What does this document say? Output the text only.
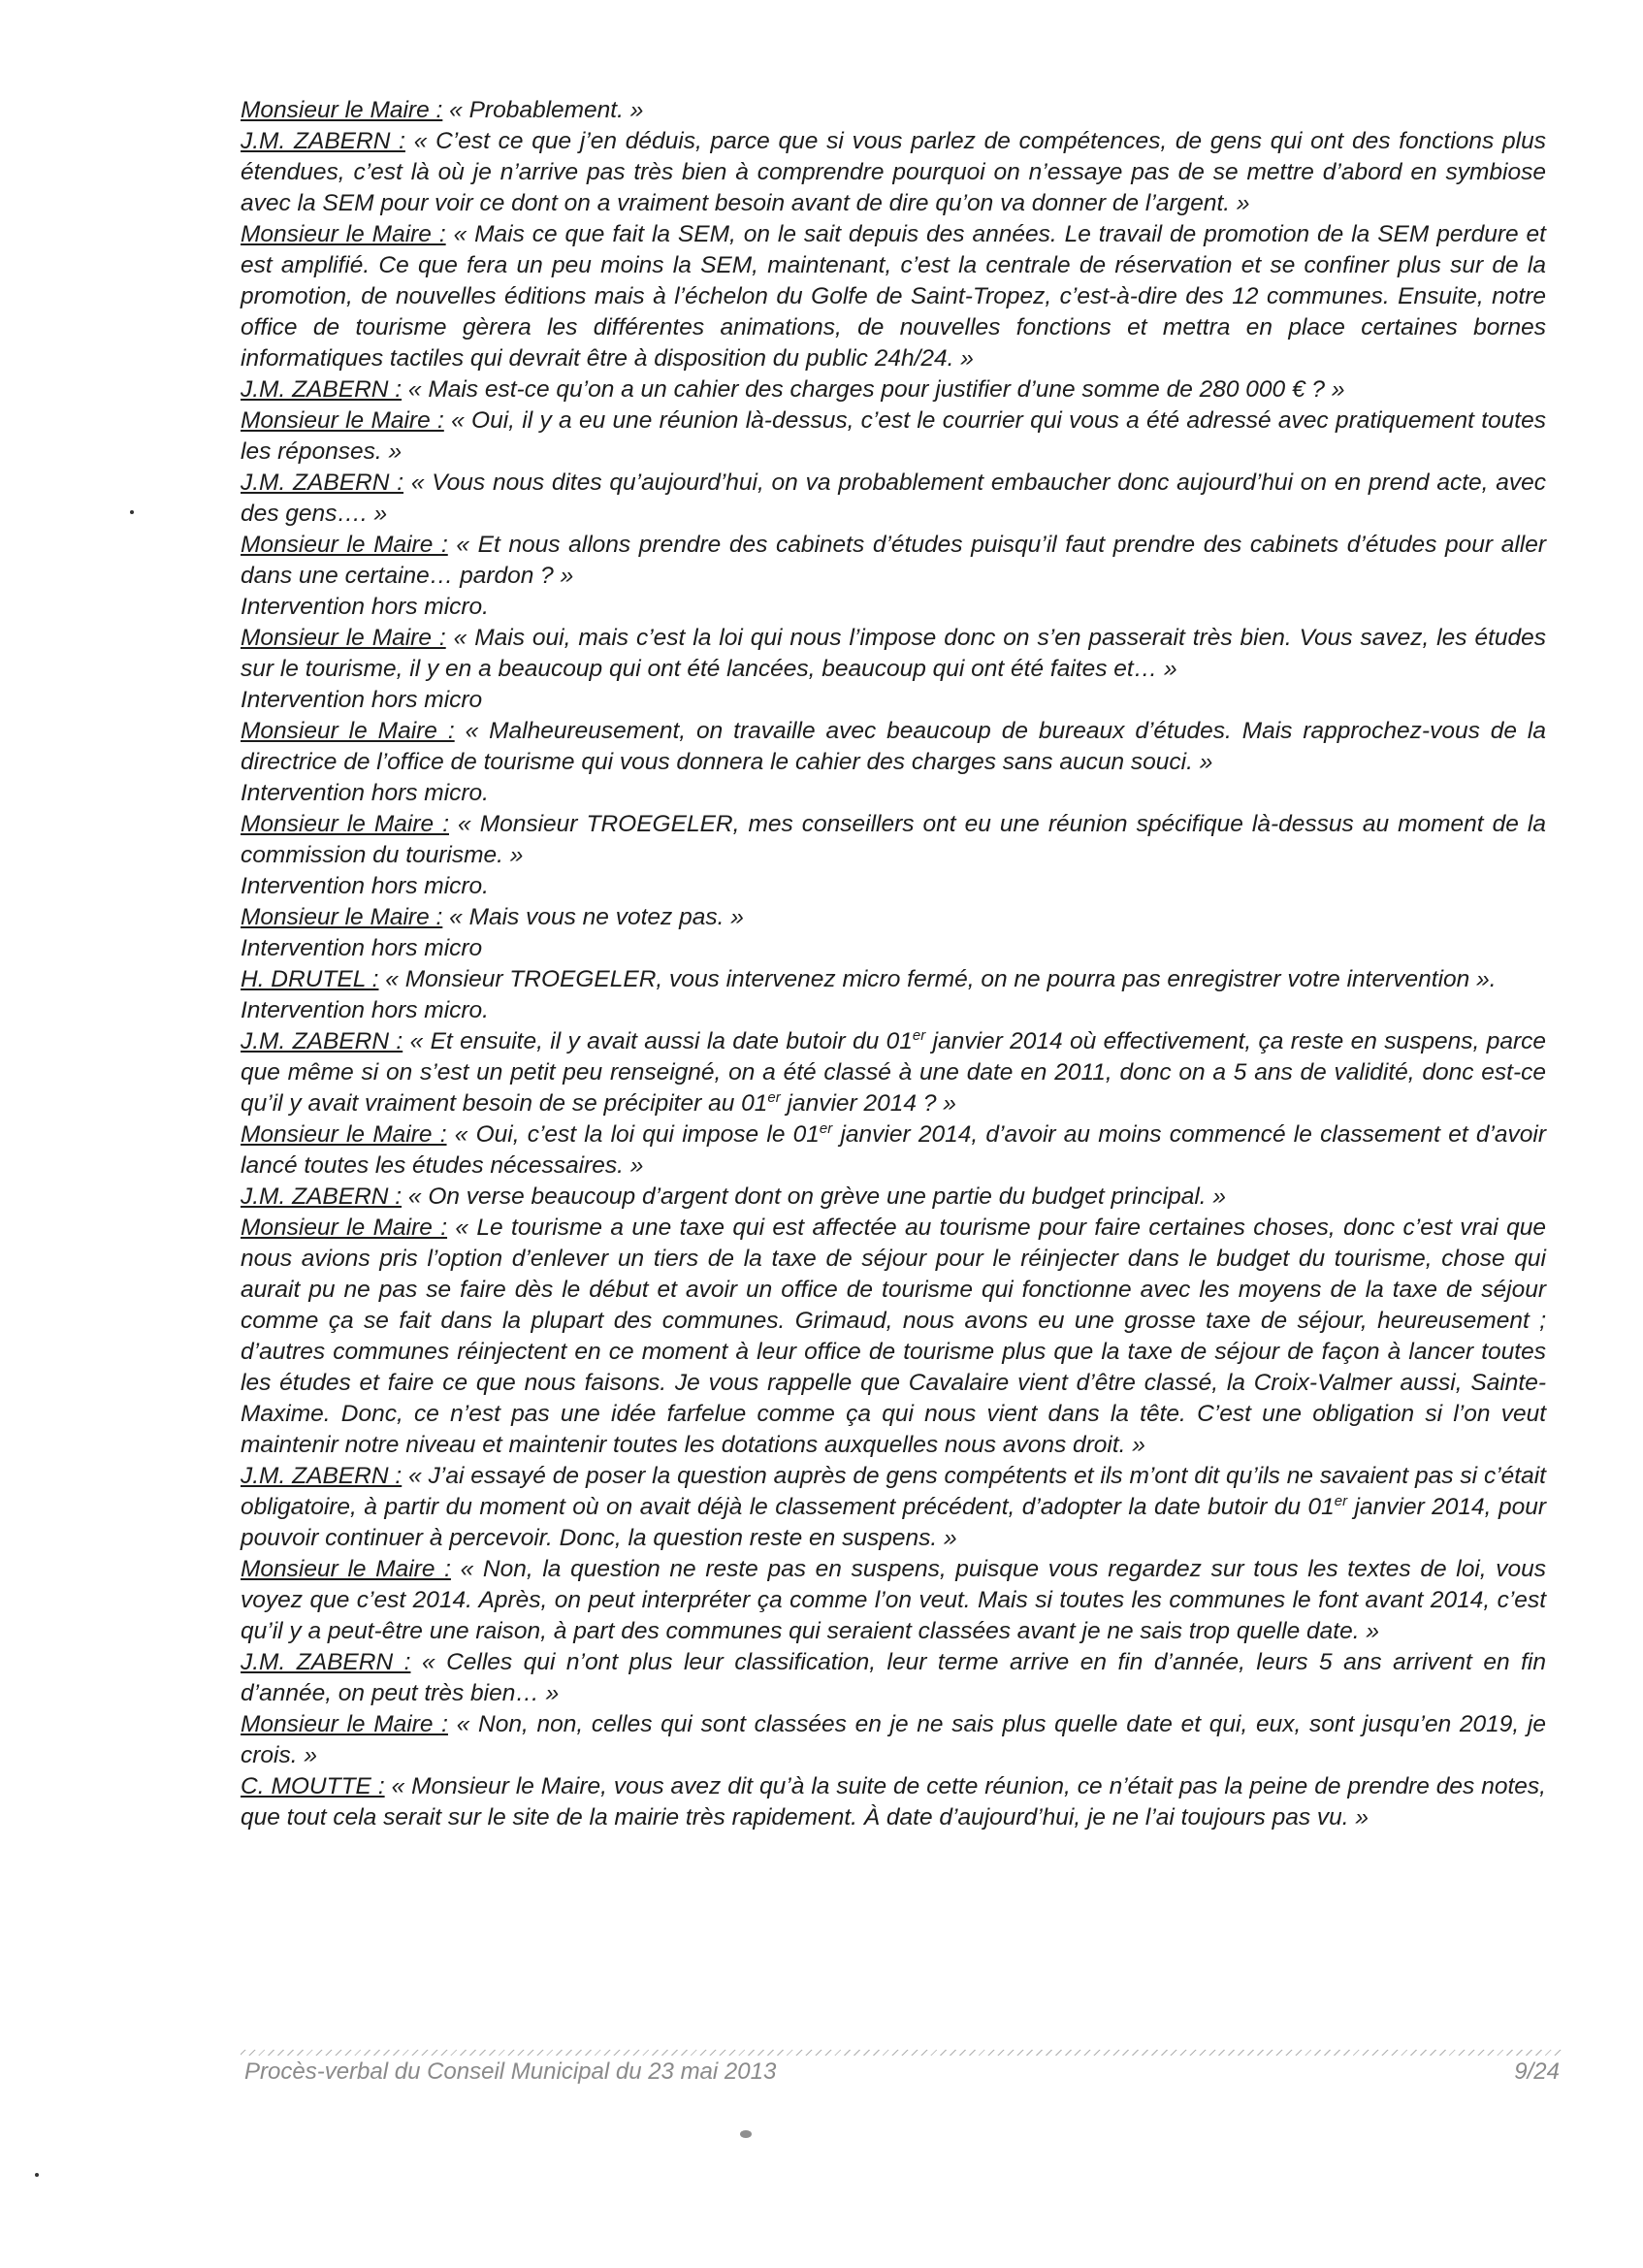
Monsieur le Maire : « Probablement. »

J.M. ZABERN : « C’est ce que j’en déduis, parce que si vous parlez de compétences, de gens qui ont des fonctions plus étendues, c’est là où je n’arrive pas très bien à comprendre pourquoi on n’essaye pas de se mettre d’abord en symbiose avec la SEM pour voir ce dont on a vraiment besoin avant de dire qu’on va donner de l’argent. »

Monsieur le Maire : « Mais ce que fait la SEM, on le sait depuis des années. Le travail de promotion de la SEM perdure et est amplifié. Ce que fera un peu moins la SEM, maintenant, c’est la centrale de réservation et se confiner plus sur de la promotion, de nouvelles éditions mais à l’échelon du Golfe de Saint-Tropez, c’est-à-dire des 12 communes. Ensuite, notre office de tourisme gèrera les différentes animations, de nouvelles fonctions et mettra en place certaines bornes informatiques tactiles qui devrait être à disposition du public 24h/24. »

J.M. ZABERN : « Mais est-ce qu’on a un cahier des charges pour justifier d’une somme de 280 000 € ? »

Monsieur le Maire : « Oui, il y a eu une réunion là-dessus, c’est le courrier qui vous a été adressé avec pratiquement toutes les réponses. »

J.M. ZABERN : « Vous nous dites qu’aujourd’hui, on va probablement embaucher donc aujourd’hui on en prend acte, avec des gens…. »

Monsieur le Maire : « Et nous allons prendre des cabinets d’études puisqu’il faut prendre des cabinets d’études pour aller dans une certaine… pardon ? »

Intervention hors micro.

Monsieur le Maire : « Mais oui, mais c’est la loi qui nous l’impose donc on s’en passerait très bien. Vous savez, les études sur le tourisme, il y en a beaucoup qui ont été lancées, beaucoup qui ont été faites et… »

Intervention hors micro

Monsieur le Maire : « Malheureusement, on travaille avec beaucoup de bureaux d’études. Mais rapprochez-vous de la directrice de l’office de tourisme qui vous donnera le cahier des charges sans aucun souci. »

Intervention hors micro.

Monsieur le Maire : « Monsieur TROEGELER, mes conseillers ont eu une réunion spécifique là-dessus au moment de la commission du tourisme. »

Intervention hors micro.

Monsieur le Maire : « Mais vous ne votez pas. »

Intervention hors micro

H. DRUTEL : « Monsieur TROEGELER, vous intervenez micro fermé, on ne pourra pas enregistrer votre intervention ».

Intervention hors micro.

J.M. ZABERN : « Et ensuite, il y avait aussi la date butoir du 01er janvier 2014 où effectivement, ça reste en suspens, parce que même si on s’est un petit peu renseigné, on a été classé à une date en 2011, donc on a 5 ans de validité, donc est-ce qu’il y avait vraiment besoin de se précipiter au 01er janvier 2014 ? »

Monsieur le Maire : « Oui, c’est la loi qui impose le 01er janvier 2014, d’avoir au moins commencé le classement et d’avoir lancé toutes les études nécessaires. »

J.M. ZABERN : « On verse beaucoup d’argent dont on grève une partie du budget principal. »

Monsieur le Maire : « Le tourisme a une taxe qui est affectée au tourisme pour faire certaines choses, donc c’est vrai que nous avions pris l’option d’enlever un tiers de la taxe de séjour pour le réinjecter dans le budget du tourisme, chose qui aurait pu ne pas se faire dès le début et avoir un office de tourisme qui fonctionne avec les moyens de la taxe de séjour comme ça se fait dans la plupart des communes. Grimaud, nous avons eu une grosse taxe de séjour, heureusement ; d’autres communes réinjectent en ce moment à leur office de tourisme plus que la taxe de séjour de façon à lancer toutes les études et faire ce que nous faisons. Je vous rappelle que Cavalaire vient d’être classé, la Croix-Valmer aussi, Sainte-Maxime. Donc, ce n’est pas une idée farfelue comme ça qui nous vient dans la tête. C’est une obligation si l’on veut maintenir notre niveau et maintenir toutes les dotations auxquelles nous avons droit. »

J.M. ZABERN : « J’ai essayé de poser la question auprès de gens compétents et ils m’ont dit qu’ils ne savaient pas si c’était obligatoire, à partir du moment où on avait déjà le classement précédent, d’adopter la date butoir du 01er janvier 2014, pour pouvoir continuer à percevoir. Donc, la question reste en suspens. »

Monsieur le Maire : « Non, la question ne reste pas en suspens, puisque vous regardez sur tous les textes de loi, vous voyez que c’est 2014. Après, on peut interpréter ça comme l’on veut. Mais si toutes les communes le font avant 2014, c’est qu’il y a peut-être une raison, à part des communes qui seraient classées avant je ne sais trop quelle date. »

J.M. ZABERN : « Celles qui n’ont plus leur classification, leur terme arrive en fin d’année, leurs 5 ans arrivent en fin d’année, on peut très bien… »

Monsieur le Maire : « Non, non, celles qui sont classées en je ne sais plus quelle date et qui, eux, sont jusqu’en 2019, je crois. »

C. MOUTTE : « Monsieur le Maire, vous avez dit qu’à la suite de cette réunion, ce n’était pas la peine de prendre des notes, que tout cela serait sur le site de la mairie très rapidement. À date d’aujourd’hui, je ne l’ai toujours pas vu. »

Procès-verbal du Conseil Municipal du 23 mai 2013	9/24
